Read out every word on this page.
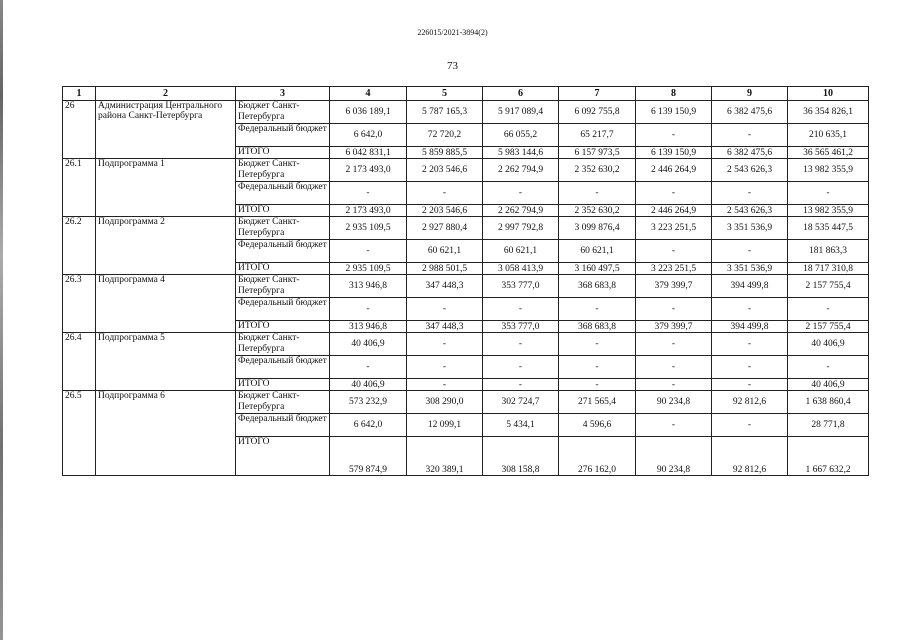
226015/2021-3894(2)
73
1	2	3	4	5	6	7	8	9	10
26	Администрация Центрального района Санкт-Петербурга	Бюджет Санкт-Петербурга	6 036 189,1	5 787 165,3	5 917 089,4	6 092 755,8	6 139 150,9	6 382 475,6	36 354 826,1
		Федеральный бюджет	6 642,0	72 720,2	66 055,2	65 217,7	-	-	210 635,1
		ИТОГО	6 042 831,1	5 859 885,5	5 983 144,6	6 157 973,5	6 139 150,9	6 382 475,6	36 565 461,2
26.1	Подпрограмма 1	Бюджет Санкт-Петербурга	2 173 493,0	2 203 546,6	2 262 794,9	2 352 630,2	2 446 264,9	2 543 626,3	13 982 355,9
		Федеральный бюджет	-	-	-	-	-	-	-
		ИТОГО	2 173 493,0	2 203 546,6	2 262 794,9	2 352 630,2	2 446 264,9	2 543 626,3	13 982 355,9
26.2	Подпрограмма 2	Бюджет Санкт-Петербурга	2 935 109,5	2 927 880,4	2 997 792,8	3 099 876,4	3 223 251,5	3 351 536,9	18 535 447,5
		Федеральный бюджет	-	60 621,1	60 621,1	60 621,1	-	-	181 863,3
		ИТОГО	2 935 109,5	2 988 501,5	3 058 413,9	3 160 497,5	3 223 251,5	3 351 536,9	18 717 310,8
26.3	Подпрограмма 4	Бюджет Санкт-Петербурга	313 946,8	347 448,3	353 777,0	368 683,8	379 399,7	394 499,8	2 157 755,4
		Федеральный бюджет	-	-	-	-	-	-	-
		ИТОГО	313 946,8	347 448,3	353 777,0	368 683,8	379 399,7	394 499,8	2 157 755,4
26.4	Подпрограмма 5	Бюджет Санкт-Петербурга	40 406,9	-	-	-	-	-	40 406,9
		Федеральный бюджет	-	-	-	-	-	-	-
		ИТОГО	40 406,9	-	-	-	-	-	40 406,9
26.5	Подпрограмма 6	Бюджет Санкт-Петербурга	573 232,9	308 290,0	302 724,7	271 565,4	90 234,8	92 812,6	1 638 860,4
		Федеральный бюджет	6 642,0	12 099,1	5 434,1	4 596,6	-	-	28 771,8
		ИТОГО	579 874,9	320 389,1	308 158,8	276 162,0	90 234,8	92 812,6	1 667 632,2
